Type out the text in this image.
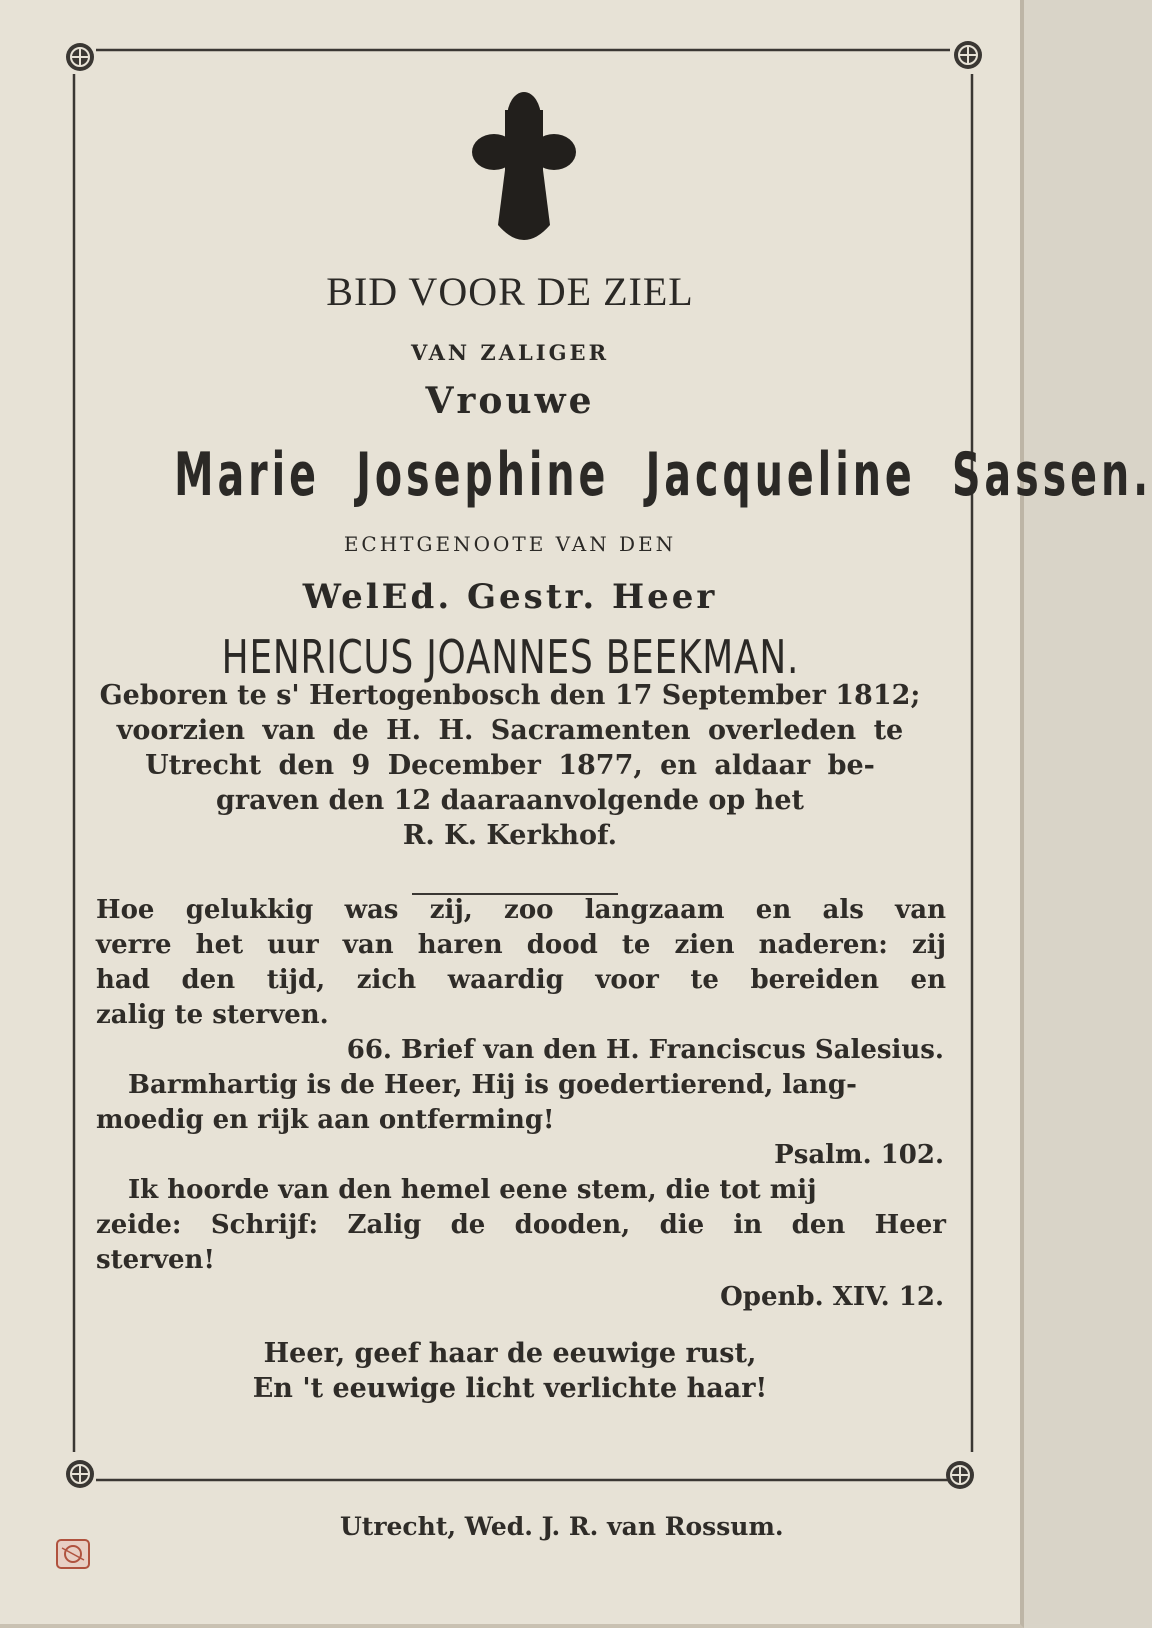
BID VOOR DE ZIEL
VAN ZALIGER
Vrouwe
Marie Josephine Jacqueline Sassen.
ECHTGENOOTE VAN DEN
WelEd. Gestr. Heer
HENRICUS JOANNES BEEKMAN.
Geboren te s' Hertogenbosch den 17 September 1812;
voorzien van de H. H. Sacramenten overleden te
Utrecht den 9 December 1877, en aldaar be-
graven den 12 daaraanvolgende op het
R. K. Kerkhof.
Hoe gelukkig was zij, zoo langzaam en als van
verre het uur van haren dood te zien naderen: zij
had den tijd, zich waardig voor te bereiden en
zalig te sterven.
66. Brief van den H. Franciscus Salesius.
Barmhartig is de Heer, Hij is goedertierend, lang-
moedig en rijk aan ontferming!
Psalm. 102.
Ik hoorde van den hemel eene stem, die tot mij
zeide: Schrijf: Zalig de dooden, die in den Heer
sterven!
Openb. XIV. 12.
Heer, geef haar de eeuwige rust,
En 't eeuwige licht verlichte haar!
Utrecht, Wed. J. R. van Rossum.
